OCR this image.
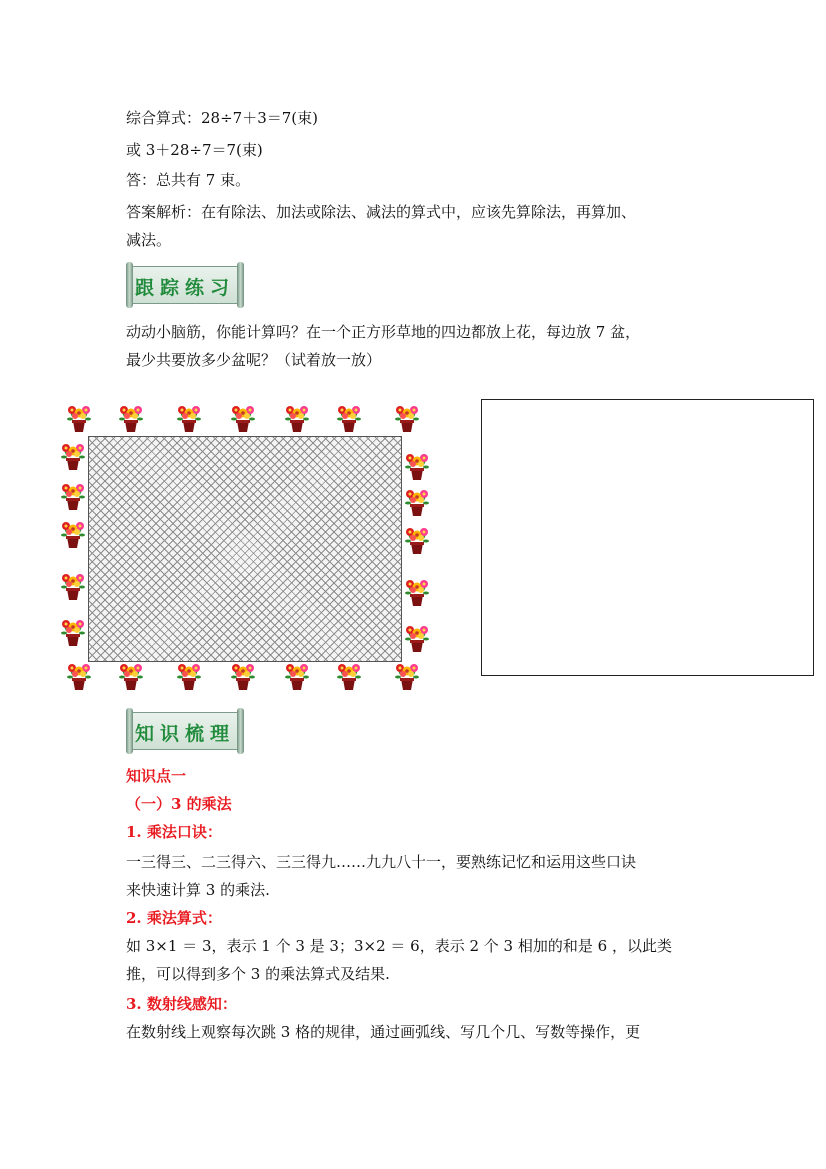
综合算式：28÷7＋3＝7(束)
或 3＋28÷7＝7(束)
答：总共有 7 束。
答案解析：在有除法、加法或除法、减法的算式中，应该先算除法，再算加、
减法。
跟踪练习
动动小脑筋，你能计算吗？在一个正方形草地的四边都放上花，每边放 7 盆，
最少共要放多少盆呢？（试着放一放）
知识梳理
知识点一
（一）3 的乘法
1. 乘法口诀：
一三得三、二三得六、三三得九……九九八十一，要熟练记忆和运用这些口诀
来快速计算 3 的乘法.
2. 乘法算式：
如 3×1 ＝ 3，表示 1 个 3 是 3；3×2 ＝ 6，表示 2 个 3 相加的和是 6 ，以此类
推，可以得到多个 3 的乘法算式及结果.
3. 数射线感知：
在数射线上观察每次跳 3 格的规律，通过画弧线、写几个几、写数等操作，更
